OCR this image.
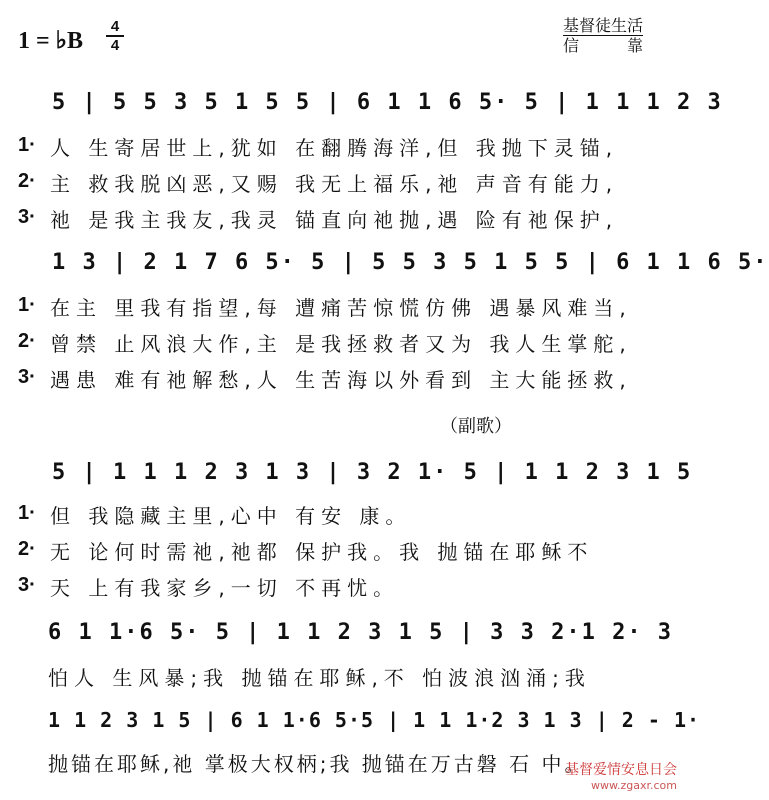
1 = ♭B
4
4
基督徒生活
信	靠
5 | 5 5 3 5 1 5 5 | 6 1 1 6 5· 5 | 1 1 1 2 3
1· 人 生寄居世上,犹如 在翻腾海洋,但 我抛下灵锚,
2· 主 救我脱凶恶,又赐 我无上福乐,祂 声音有能力,
3· 祂 是我主我友,我灵 锚直向祂抛,遇 险有祂保护,
1 3 | 2 1 7 6 5· 5 | 5 5 3 5 1 5 5 | 6 1 1 6 5·
1· 在主 里我有指望,每 遭痛苦惊慌仿佛 遇暴风难当,
2· 曾禁 止风浪大作,主 是我拯救者又为 我人生掌舵,
3· 遇患 难有祂解愁,人 生苦海以外看到 主大能拯救,
（副歌）
5 | 1 1 1 2 3 1 3 | 3 2 1· 5 | 1 1 2 3 1 5
1· 但 我隐藏主里,心中 有安 康。
2· 无 论何时需祂,祂都 保护我。我 抛锚在耶稣不
3· 天 上有我家乡,一切 不再忧。
6 1 1·6 5· 5 | 1 1 2 3 1 5 | 3 3 2·1 2· 3
怕人 生风暴;我 抛锚在耶稣,不 怕波浪汹涌;我
1 1 2 3 1 5 | 6 1 1·6 5·5 | 1 1 1·2 3 1 3 | 2 - 1·
抛锚在耶稣,祂 掌极大权柄;我 抛锚在万古磐 石 中。
基督爱情安息日会
www.zgaxr.com
